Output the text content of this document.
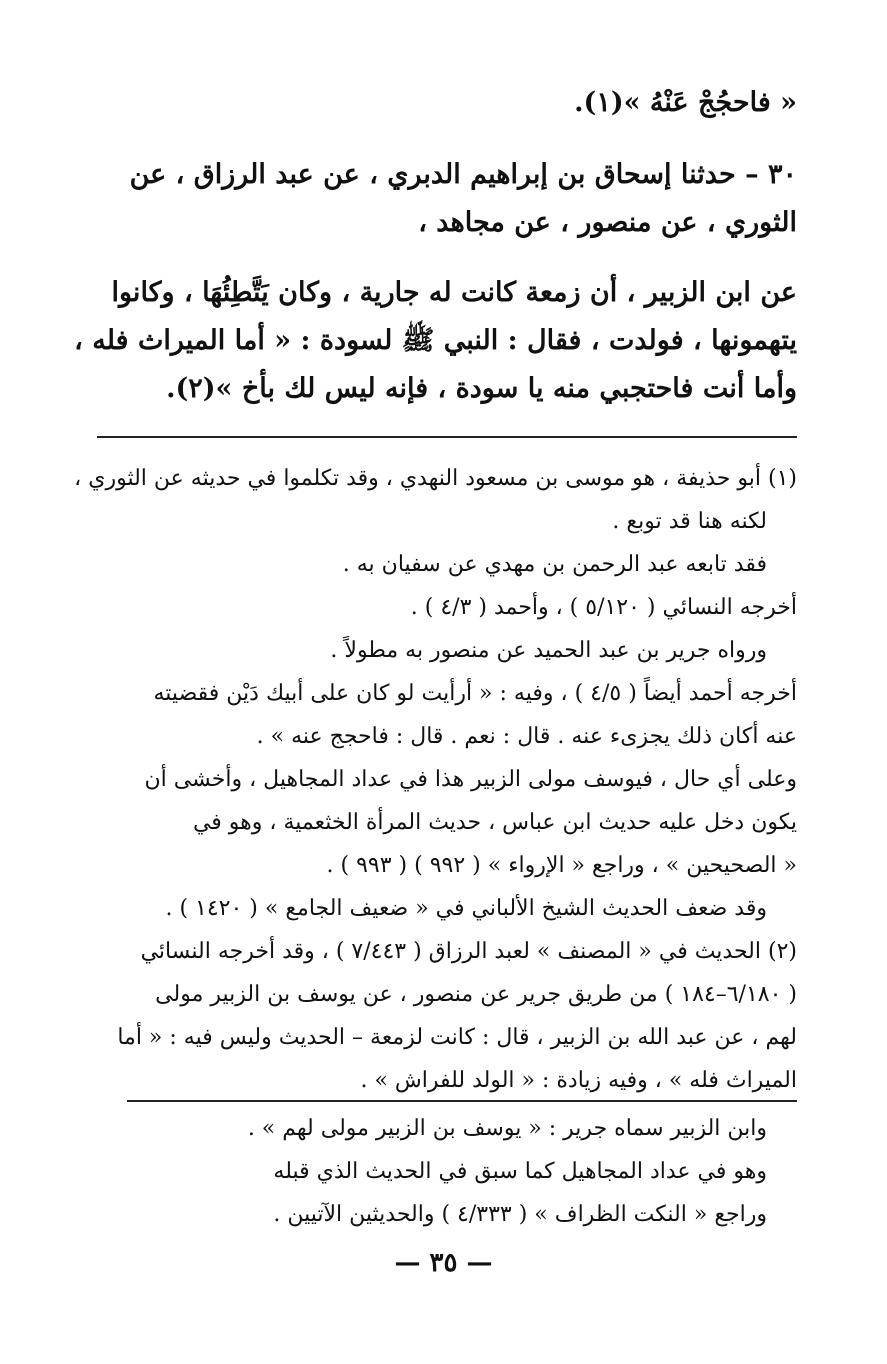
« فاحجُجْ عَنْهُ »(١).
٣٠ – حدثنا إسحاق بن إبراهيم الدبري ، عن عبد الرزاق ، عن
الثوري ، عن منصور ، عن مجاهد ،
عن ابن الزبير ، أن زمعة كانت له جارية ، وكان يَتَّطِئُهَا ، وكانوا
يتهمونها ، فولدت ، فقال : النبي ﷺ لسودة : « أما الميراث فله ،
وأما أنت فاحتجبي منه يا سودة ، فإنه ليس لك بأخ »(٢).
(١) أبو حذيفة ، هو موسى بن مسعود النهدي ، وقد تكلموا في حديثه عن الثوري ،
لكنه هنا قد توبع .
فقد تابعه عبد الرحمن بن مهدي عن سفيان به .
أخرجه النسائي ( ٥/١٢٠ ) ، وأحمد ( ٤/٣ ) .
ورواه جرير بن عبد الحميد عن منصور به مطولاً .
أخرجه أحمد أيضاً ( ٤/٥ ) ، وفيه : « أرأيت لو كان على أبيك دَيْن فقضيته
عنه أكان ذلك يجزىء عنه . قال : نعم . قال : فاحجج عنه » .
وعلى أي حال ، فيوسف مولى الزبير هذا في عداد المجاهيل ، وأخشى أن
يكون دخل عليه حديث ابن عباس ، حديث المرأة الخثعمية ، وهو في
« الصحيحين » ، وراجع « الإرواء » ( ٩٩٢ ) ( ٩٩٣ ) .
وقد ضعف الحديث الشيخ الألباني في « ضعيف الجامع » ( ١٤٢٠ ) .
(٢) الحديث في « المصنف » لعبد الرزاق ( ٧/٤٤٣ ) ، وقد أخرجه النسائي
( ٦/١٨٠–١٨٤ ) من طريق جرير عن منصور ، عن يوسف بن الزبير مولى
لهم ، عن عبد الله بن الزبير ، قال : كانت لزمعة – الحديث وليس فيه : « أما
الميراث فله » ، وفيه زيادة : « الولد للفراش » .
وابن الزبير سماه جرير : « يوسف بن الزبير مولى لهم » .
وهو في عداد المجاهيل كما سبق في الحديث الذي قبله
وراجع « النكت الظراف » ( ٤/٣٣٣ ) والحديثين الآتيين .
— ٣٥ —
